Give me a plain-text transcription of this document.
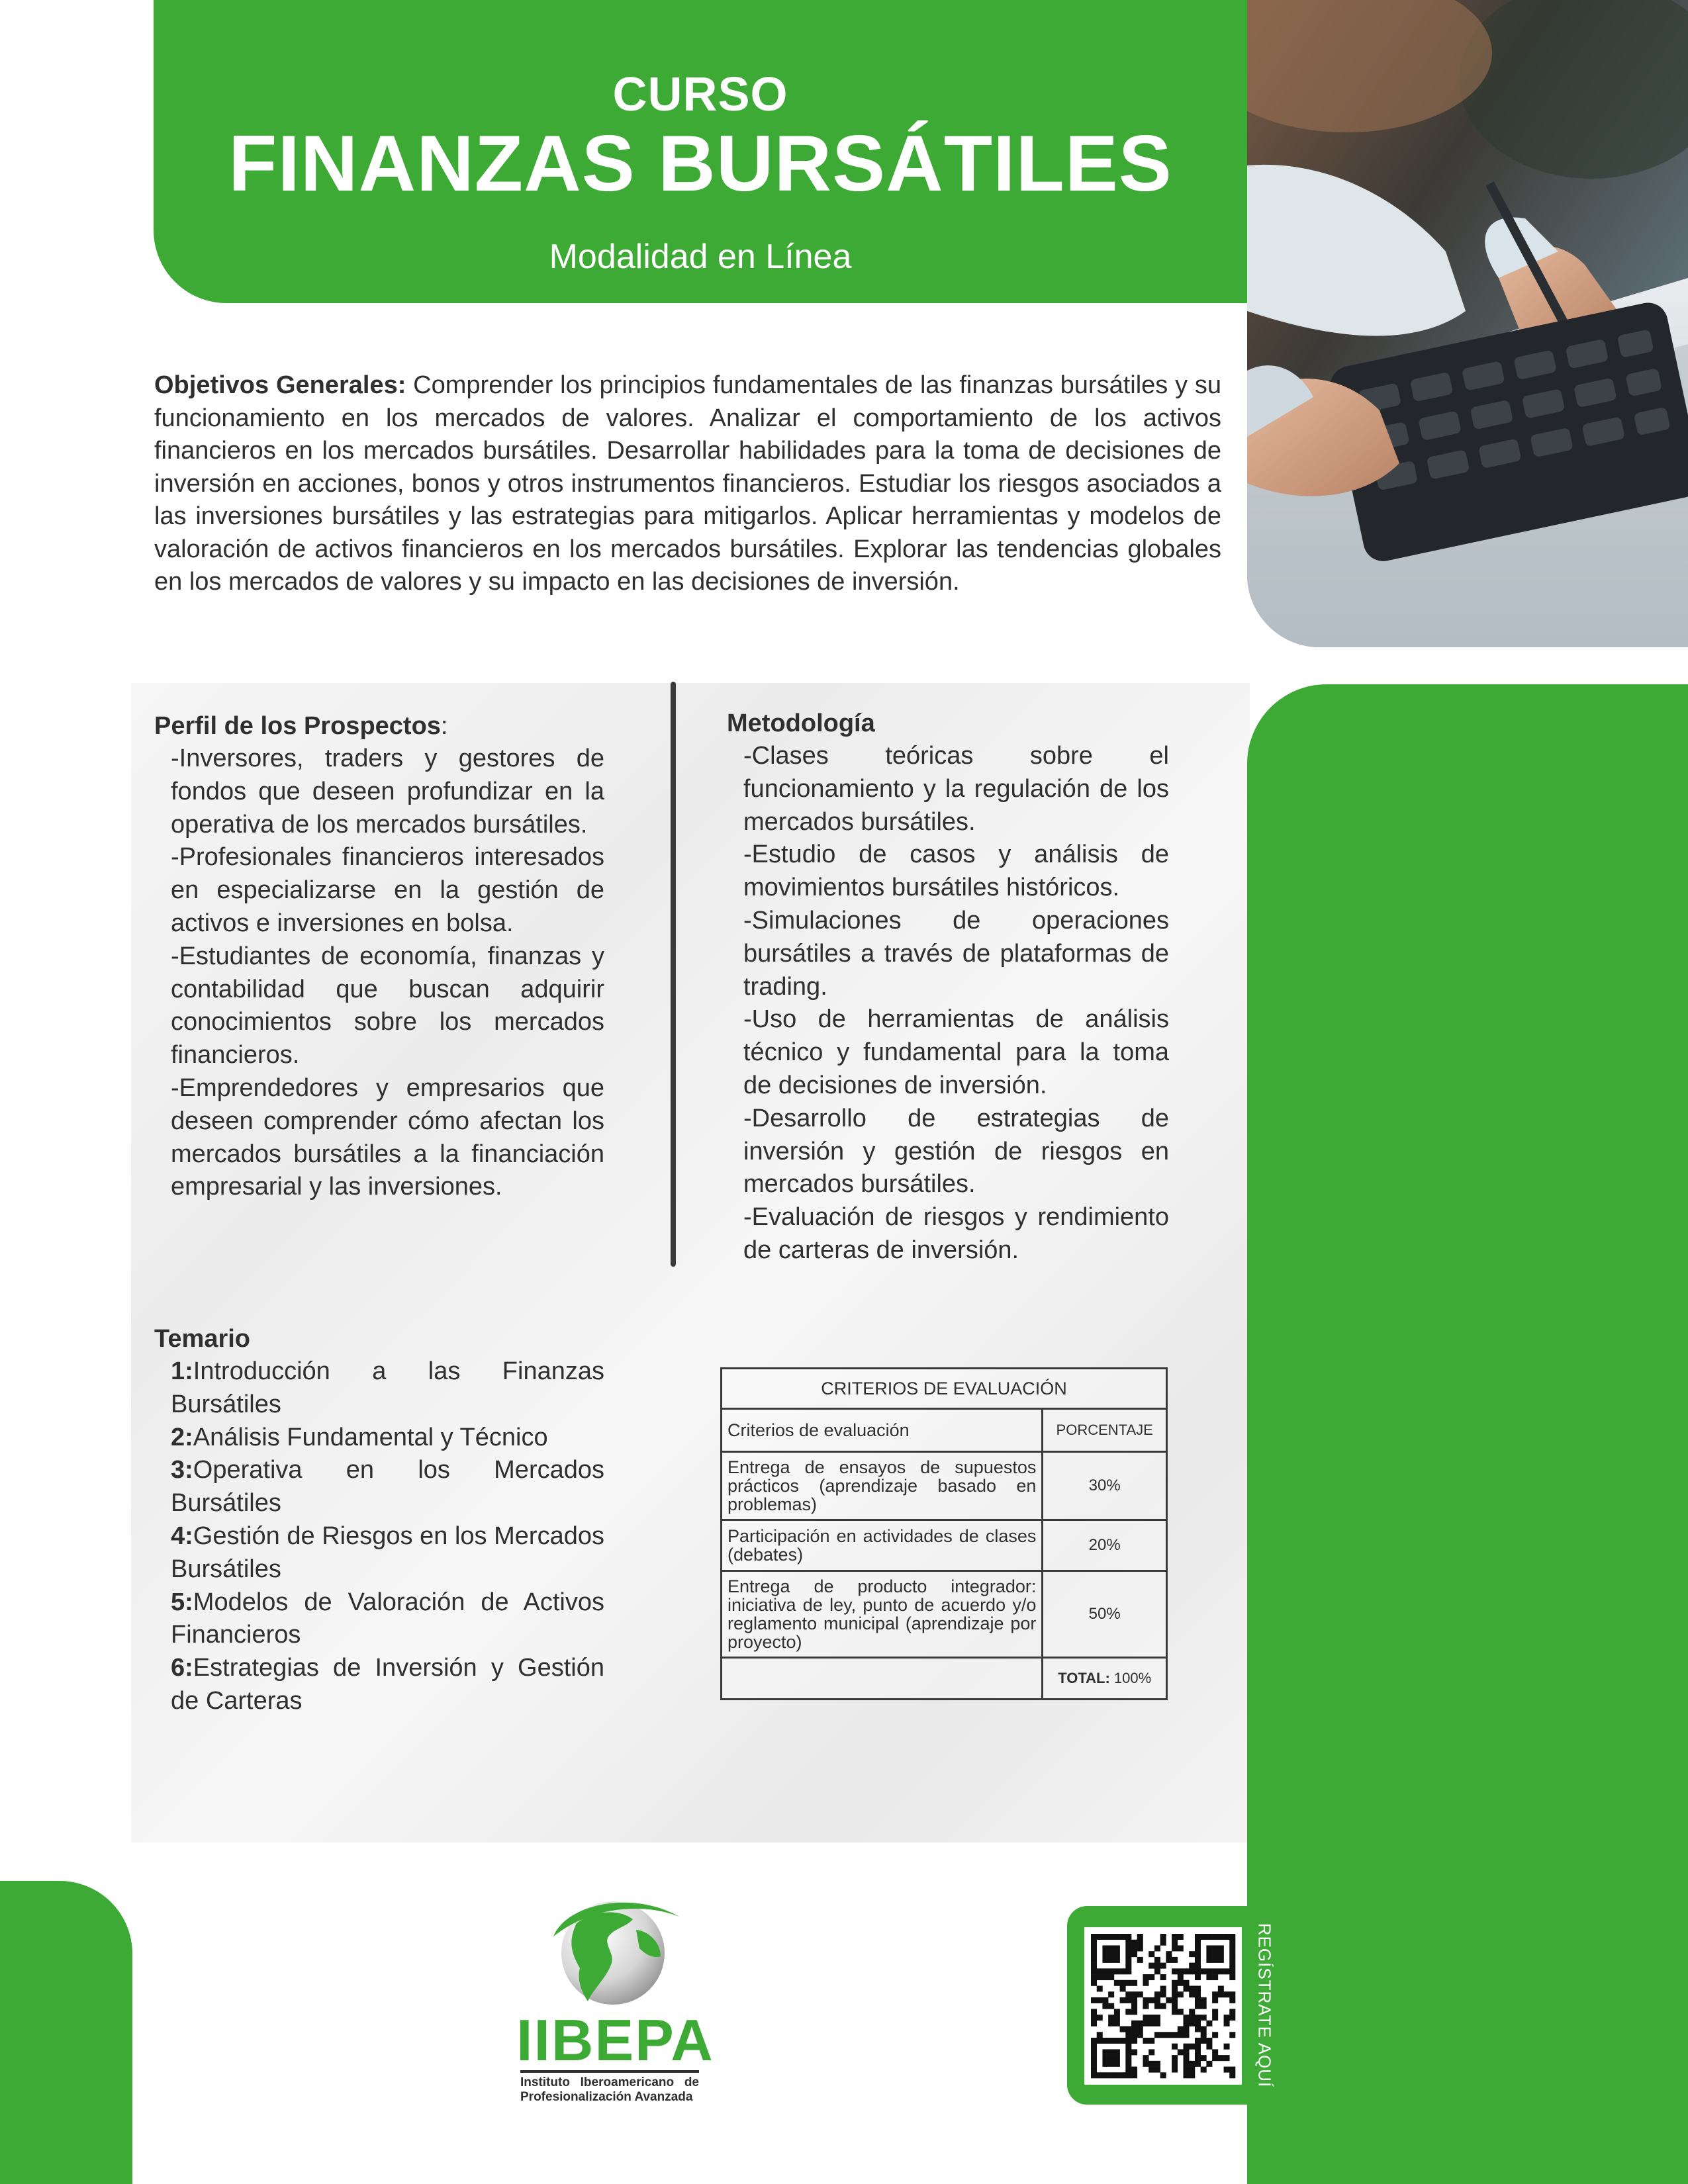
CURSO
FINANZAS BURSÁTILES
Modalidad en Línea
Objetivos Generales: Comprender los principios fundamentales de las finanzas bursátiles y su funcionamiento en los mercados de valores. Analizar el comportamiento de los activos financieros en los mercados bursátiles. Desarrollar habilidades para la toma de decisiones de inversión en acciones, bonos y otros instrumentos financieros. Estudiar los riesgos asociados a las inversiones bursátiles y las estrategias para mitigarlos. Aplicar herramientas y modelos de valoración de activos financieros en los mercados bursátiles. Explorar las tendencias globales en los mercados de valores y su impacto en las decisiones de inversión.
Perfil de los Prospectos:
-Inversores, traders y gestores de fondos que deseen profundizar en la operativa de los mercados bursátiles.
-Profesionales financieros interesados en especializarse en la gestión de activos e inversiones en bolsa.
-Estudiantes de economía, finanzas y contabilidad que buscan adquirir conocimientos sobre los mercados financieros.
-Emprendedores y empresarios que deseen comprender cómo afectan los mercados bursátiles a la financiación empresarial y las inversiones.
Metodología
-Clases teóricas sobre el funcionamiento y la regulación de los mercados bursátiles.
-Estudio de casos y análisis de movimientos bursátiles históricos.
-Simulaciones de operaciones bursátiles a través de plataformas de trading.
-Uso de herramientas de análisis técnico y fundamental para la toma de decisiones de inversión.
-Desarrollo de estrategias de inversión y gestión de riesgos en mercados bursátiles.
-Evaluación de riesgos y rendimiento de carteras de inversión.
Temario
1:Introducción a las Finanzas Bursátiles
2:Análisis Fundamental y Técnico
3:Operativa en los Mercados Bursátiles
4:Gestión de Riesgos en los Mercados Bursátiles
5:Modelos de Valoración de Activos Financieros
6:Estrategias de Inversión y Gestión de Carteras
CRITERIOS DE EVALUACIÓN	
Criterios de evaluación	PORCENTAJE
Entrega de ensayos de supuestos prácticos (aprendizaje basado en problemas)	30%
Participación en actividades de clases (debates)	20%
Entrega de producto integrador: iniciativa de ley, punto de acuerdo y/o reglamento municipal (aprendizaje por proyecto)	50%
	TOTAL: 100%
IIBEPA
Instituto Iberoamericano de Profesionalización Avanzada
REGÍSTRATE AQUÍ
